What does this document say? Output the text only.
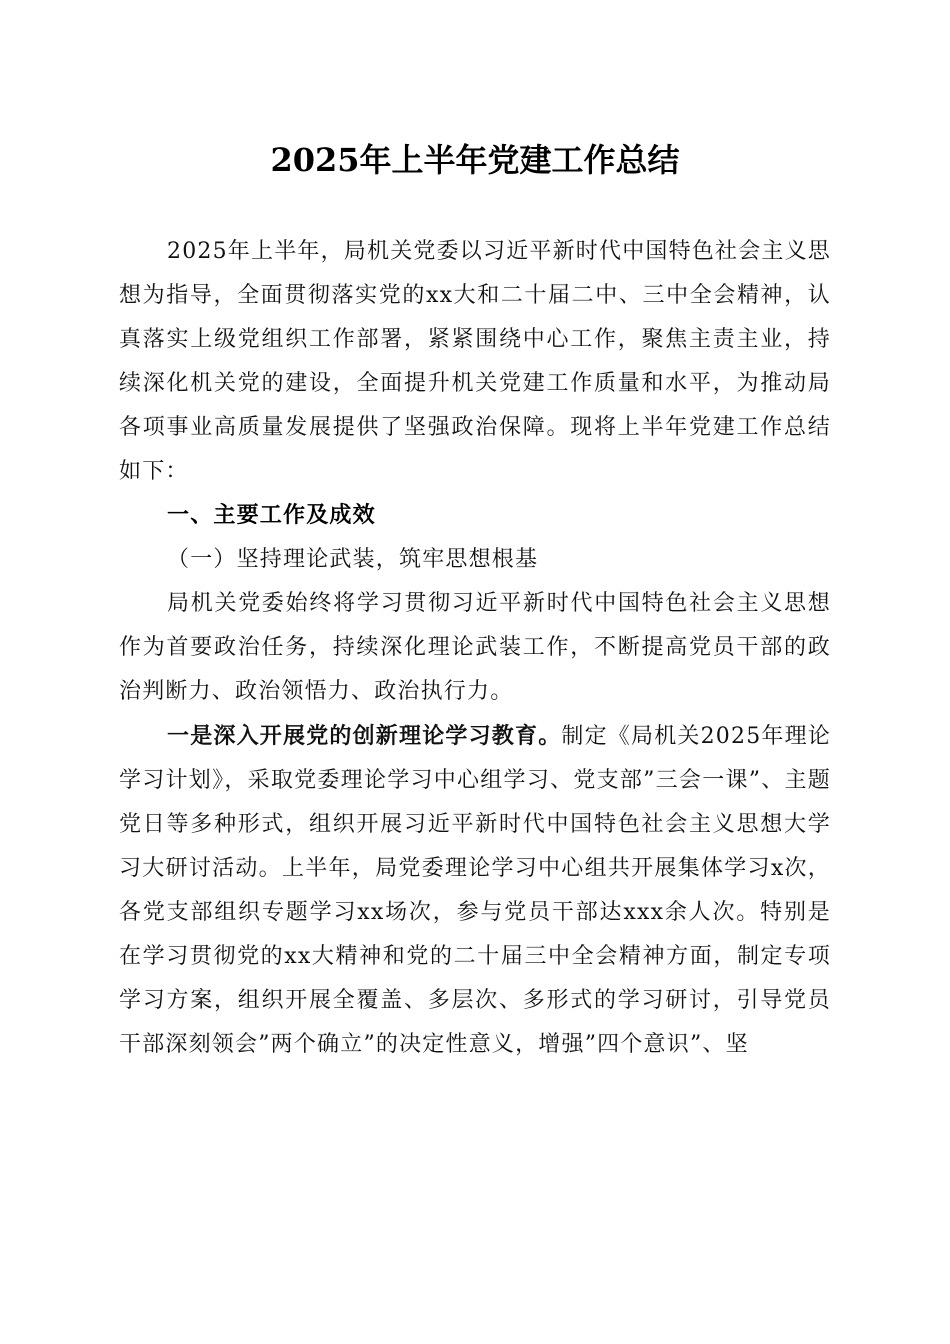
2025年上半年党建工作总结

2025年上半年，局机关党委以习近平新时代中国特色社会主义思想为指导，全面贯彻落实党的xx大和二十届二中、三中全会精神，认真落实上级党组织工作部署，紧紧围绕中心工作，聚焦主责主业，持续深化机关党的建设，全面提升机关党建工作质量和水平，为推动局各项事业高质量发展提供了坚强政治保障。现将上半年党建工作总结如下：

一、主要工作及成效

（一）坚持理论武装，筑牢思想根基

局机关党委始终将学习贯彻习近平新时代中国特色社会主义思想作为首要政治任务，持续深化理论武装工作，不断提高党员干部的政治判断力、政治领悟力、政治执行力。

一是深入开展党的创新理论学习教育。制定《局机关2025年理论学习计划》，采取党委理论学习中心组学习、党支部”三会一课”、主题党日等多种形式，组织开展习近平新时代中国特色社会主义思想大学习大研讨活动。上半年，局党委理论学习中心组共开展集体学习x次，各党支部组织专题学习xx场次，参与党员干部达xxx余人次。特别是在学习贯彻党的xx大精神和党的二十届三中全会精神方面，制定专项学习方案，组织开展全覆盖、多层次、多形式的学习研讨，引导党员干部深刻领会”两个确立”的决定性意义，增强”四个意识”、坚
